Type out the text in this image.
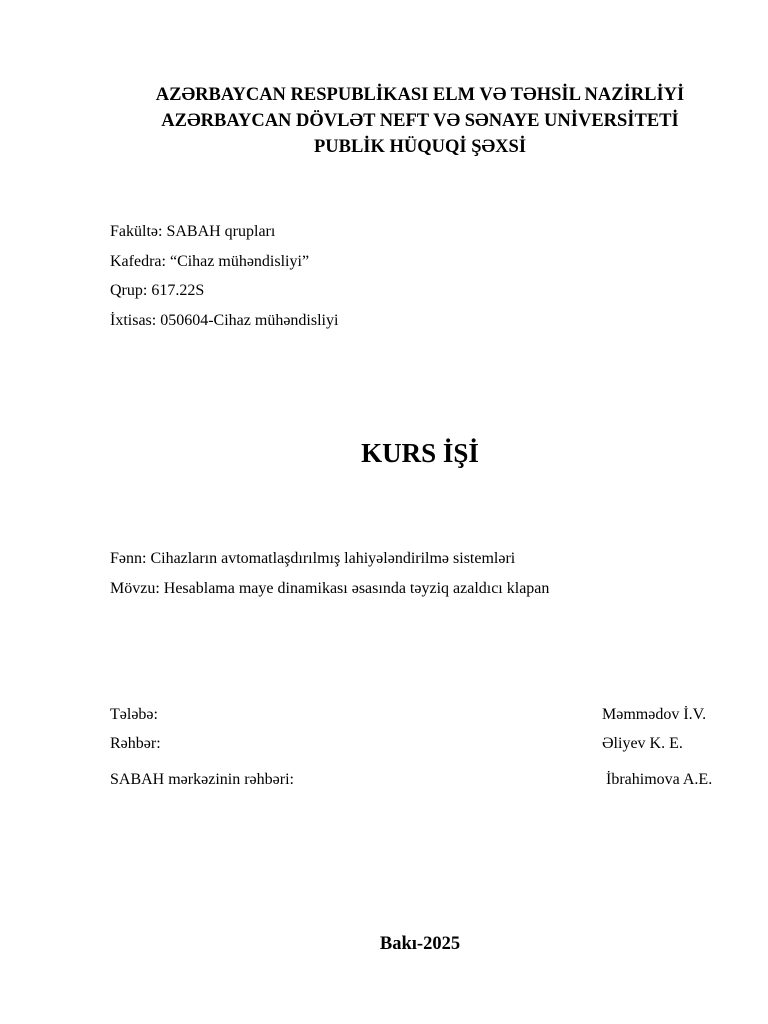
AZƏRBAYCAN RESPUBLİKASI ELM VƏ TƏHSİL NAZİRLİYİ
AZƏRBAYCAN DÖVLƏT NEFT VƏ SƏNAYE UNİVERSİTETİ
PUBLİK HÜQUQİ ŞƏXSİ
Fakültə: SABAH qrupları
Kafedra: “Cihaz mühəndisliyi”
Qrup: 617.22S
İxtisas: 050604-Cihaz mühəndisliyi
KURS İŞİ
Fənn: Cihazların avtomatlaşdırılmış lahiyələndirilmə sistemləri
Mövzu: Hesablama maye dinamikası əsasında təyziq azaldıcı klapan
Tələbə:	Məmmədov İ.V.
Rəhbər:	Əliyev K. E.
SABAH mərkəzinin rəhbəri:	İbrahimova A.E.
Bakı-2025
